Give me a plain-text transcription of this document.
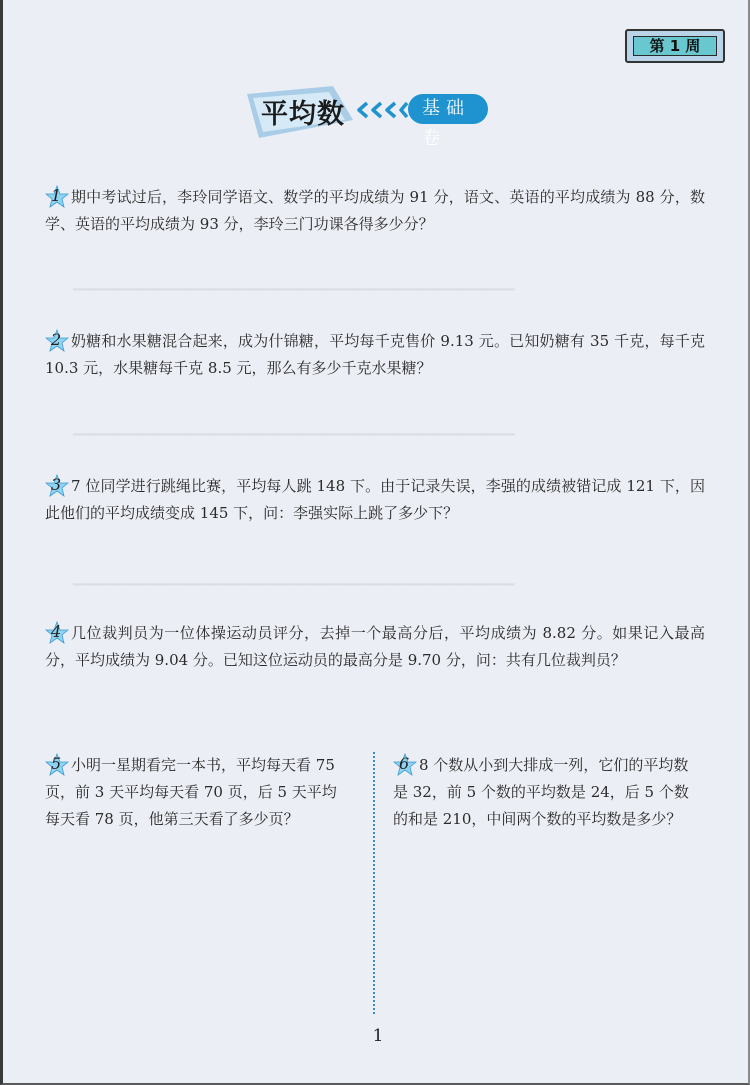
▁▁▁▁▁▁▁▁▁▁▁▁▁▁▁▁▁▁▁▁▁▁▁▁▁▁▁▁▁▁▁▁▁▁▁▁▁▁▁▁▁
▁▁▁▁▁▁▁▁▁▁▁▁▁▁▁▁▁▁▁▁▁▁▁▁▁▁▁▁▁▁▁▁▁▁▁▁▁▁▁▁▁
▁▁▁▁▁▁▁▁▁▁▁▁▁▁▁▁▁▁▁▁▁▁▁▁▁▁▁▁▁▁▁▁▁▁▁▁▁▁▁▁▁
第 1 周
平均数	基础卷
1 期中考试过后，李玲同学语文、数学的平均成绩为 91 分，语文、英语的平均成绩为 88 分，数学、英语的平均成绩为 93 分，李玲三门功课各得多少分？
2 奶糖和水果糖混合起来，成为什锦糖，平均每千克售价 9.13 元。已知奶糖有 35 千克，每千克 10.3 元，水果糖每千克 8.5 元，那么有多少千克水果糖？
3 7 位同学进行跳绳比赛，平均每人跳 148 下。由于记录失误，李强的成绩被错记成 121 下，因此他们的平均成绩变成 145 下，问：李强实际上跳了多少下？
4 几位裁判员为一位体操运动员评分，去掉一个最高分后，平均成绩为 8.82 分。如果记入最高分，平均成绩为 9.04 分。已知这位运动员的最高分是 9.70 分，问：共有几位裁判员？
5 小明一星期看完一本书，平均每天看 75 页，前 3 天平均每天看 70 页，后 5 天平均每天看 78 页，他第三天看了多少页？
6 8 个数从小到大排成一列，它们的平均数是 32，前 5 个数的平均数是 24，后 5 个数的和是 210，中间两个数的平均数是多少？
1
